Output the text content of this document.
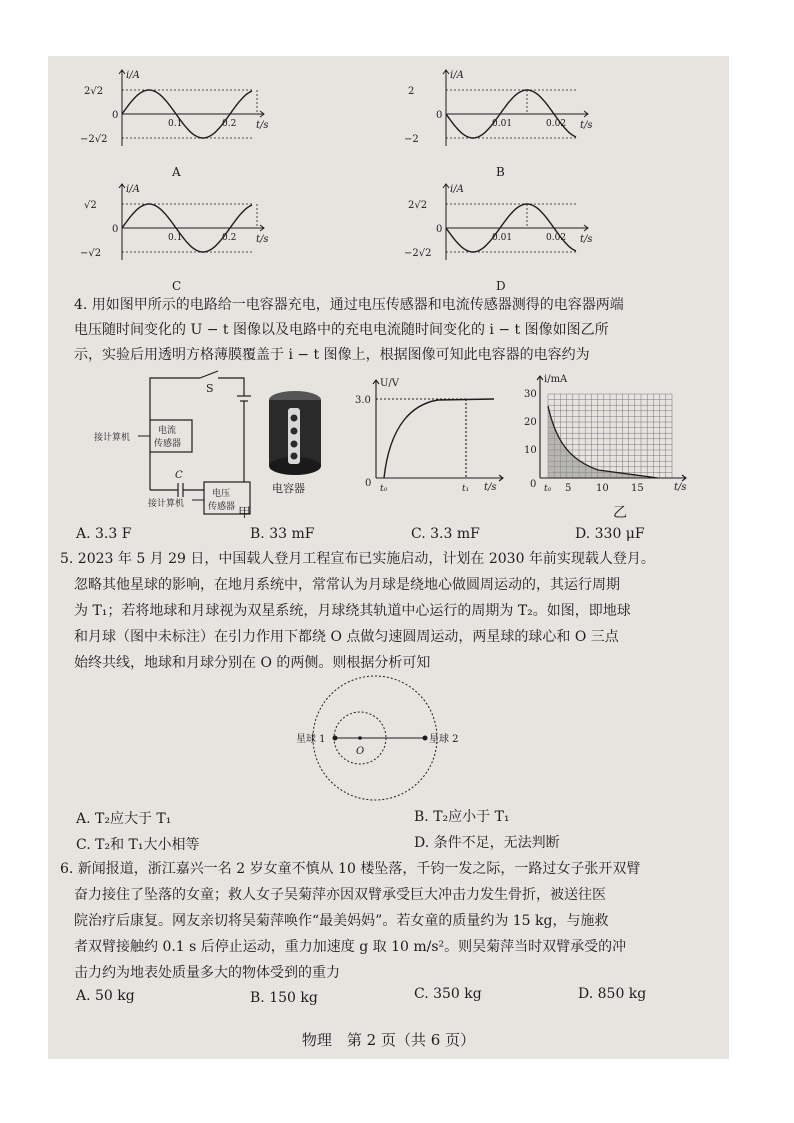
i/A
t/s
2√2
−2√2
0
0.1	0.2
A
i/A
t/s
2
−2
0
0.01	0.02
B
i/A
t/s
√2
−√2
0
0.1	0.2
C
i/A
t/s
2√2
−2√2
0
0.01	0.02
D
4. 用如图甲所示的电路给一电容器充电，通过电压传感器和电流传感器测得的电容器两端
电压随时间变化的 U − t 图像以及电路中的充电电流随时间变化的 i − t 图像如图乙所
示，实验后用透明方格薄膜覆盖于 i − t 图像上，根据图像可知此电容器的电容约为
S
C
电流
传感器
电压
传感器
接计算机
接计算机
电容器
甲
U/V
t/s
3.0
0 t₀	t₁
i/mA
t/s
30
20
10
0 t₀ 5 10 15
乙
A. 3.3 F	B. 33 mF	C. 3.3 mF	D. 330 μF
5. 2023 年 5 月 29 日，中国载人登月工程宣布已实施启动，计划在 2030 年前实现载人登月。
忽略其他星球的影响，在地月系统中，常常认为月球是绕地心做圆周运动的，其运行周期
为 T₁；若将地球和月球视为双星系统，月球绕其轨道中心运行的周期为 T₂。如图，即地球
和月球（图中未标注）在引力作用下都绕 O 点做匀速圆周运动，两星球的球心和 O 三点
始终共线，地球和月球分别在 O 的两侧。则根据分析可知
星球 1	星球 2
O
A. T₂应大于 T₁	B. T₂应小于 T₁
C. T₂和 T₁大小相等	D. 条件不足，无法判断
6. 新闻报道，浙江嘉兴一名 2 岁女童不慎从 10 楼坠落，千钧一发之际，一路过女子张开双臂
奋力接住了坠落的女童；救人女子吴菊萍亦因双臂承受巨大冲击力发生骨折，被送往医
院治疗后康复。网友亲切将吴菊萍唤作“最美妈妈”。若女童的质量约为 15 kg，与施救
者双臂接触约 0.1 s 后停止运动，重力加速度 g 取 10 m/s²。则吴菊萍当时双臂承受的冲
击力约为地表处质量多大的物体受到的重力
A. 50 kg	B. 150 kg	C. 350 kg	D. 850 kg
物理　第 2 页（共 6 页）
